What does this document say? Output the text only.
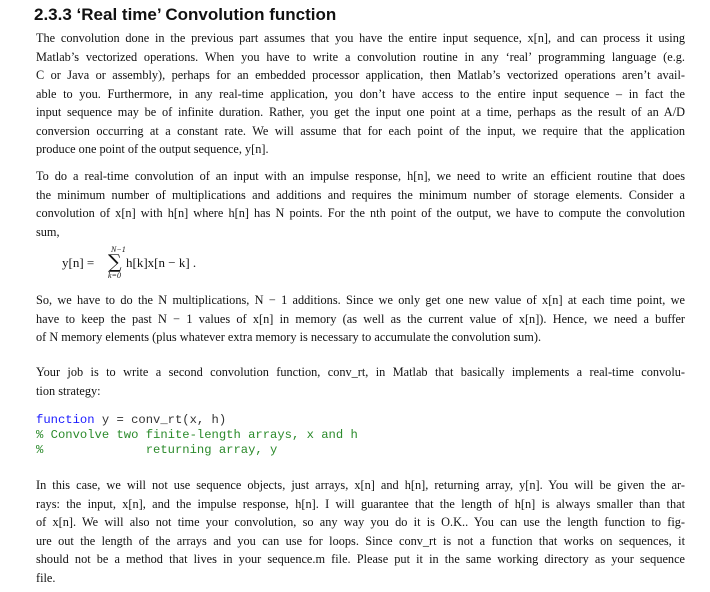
2.3.3 ‘Real time’ Convolution function
The convolution done in the previous part assumes that you have the entire input sequence, x[n], and can process it using
Matlab’s vectorized operations. When you have to write a convolution routine in any ‘real’ programming language (e.g.
C or Java or assembly), perhaps for an embedded processor application, then Matlab’s vectorized operations aren’t avail-
able to you. Furthermore, in any real-time application, you don’t have access to the entire input sequence – in fact the
input sequence may be of infinite duration. Rather, you get the input one point at a time, perhaps as the result of an A/D
conversion occurring at a constant rate. We will assume that for each point of the input, we require that the application
produce one point of the output sequence, y[n].
To do a real-time convolution of an input with an impulse response, h[n], we need to write an efficient routine that does
the minimum number of multiplications and additions and requires the minimum number of storage elements. Consider a
convolution of x[n] with h[n] where h[n] has N points. For the nth point of the output, we have to compute the convolution
sum,
y[n] =
N−1
∑
k=0
h[k]x[n − k] .
So, we have to do the N multiplications, N − 1 additions. Since we only get one new value of x[n] at each time point, we
have to keep the past N − 1 values of x[n] in memory (as well as the current value of x[n]). Hence, we need a buffer
of N memory elements (plus whatever extra memory is necessary to accumulate the convolution sum).
Your job is to write a second convolution function, conv_rt, in Matlab that basically implements a real-time convolu-
tion strategy:
function y = conv_rt(x, h)
% Convolve two finite-length arrays, x and h
%              returning array, y
In this case, we will not use sequence objects, just arrays, x[n] and h[n], returning array, y[n]. You will be given the ar-
rays: the input, x[n], and the impulse response, h[n]. I will guarantee that the length of h[n] is always smaller than that
of x[n]. We will also not time your convolution, so any way you do it is O.K.. You can use the length function to fig-
ure out the length of the arrays and you can use for loops. Since conv_rt is not a function that works on sequences, it
should not be a method that lives in your sequence.m file. Please put it in the same working directory as your sequence
file.
